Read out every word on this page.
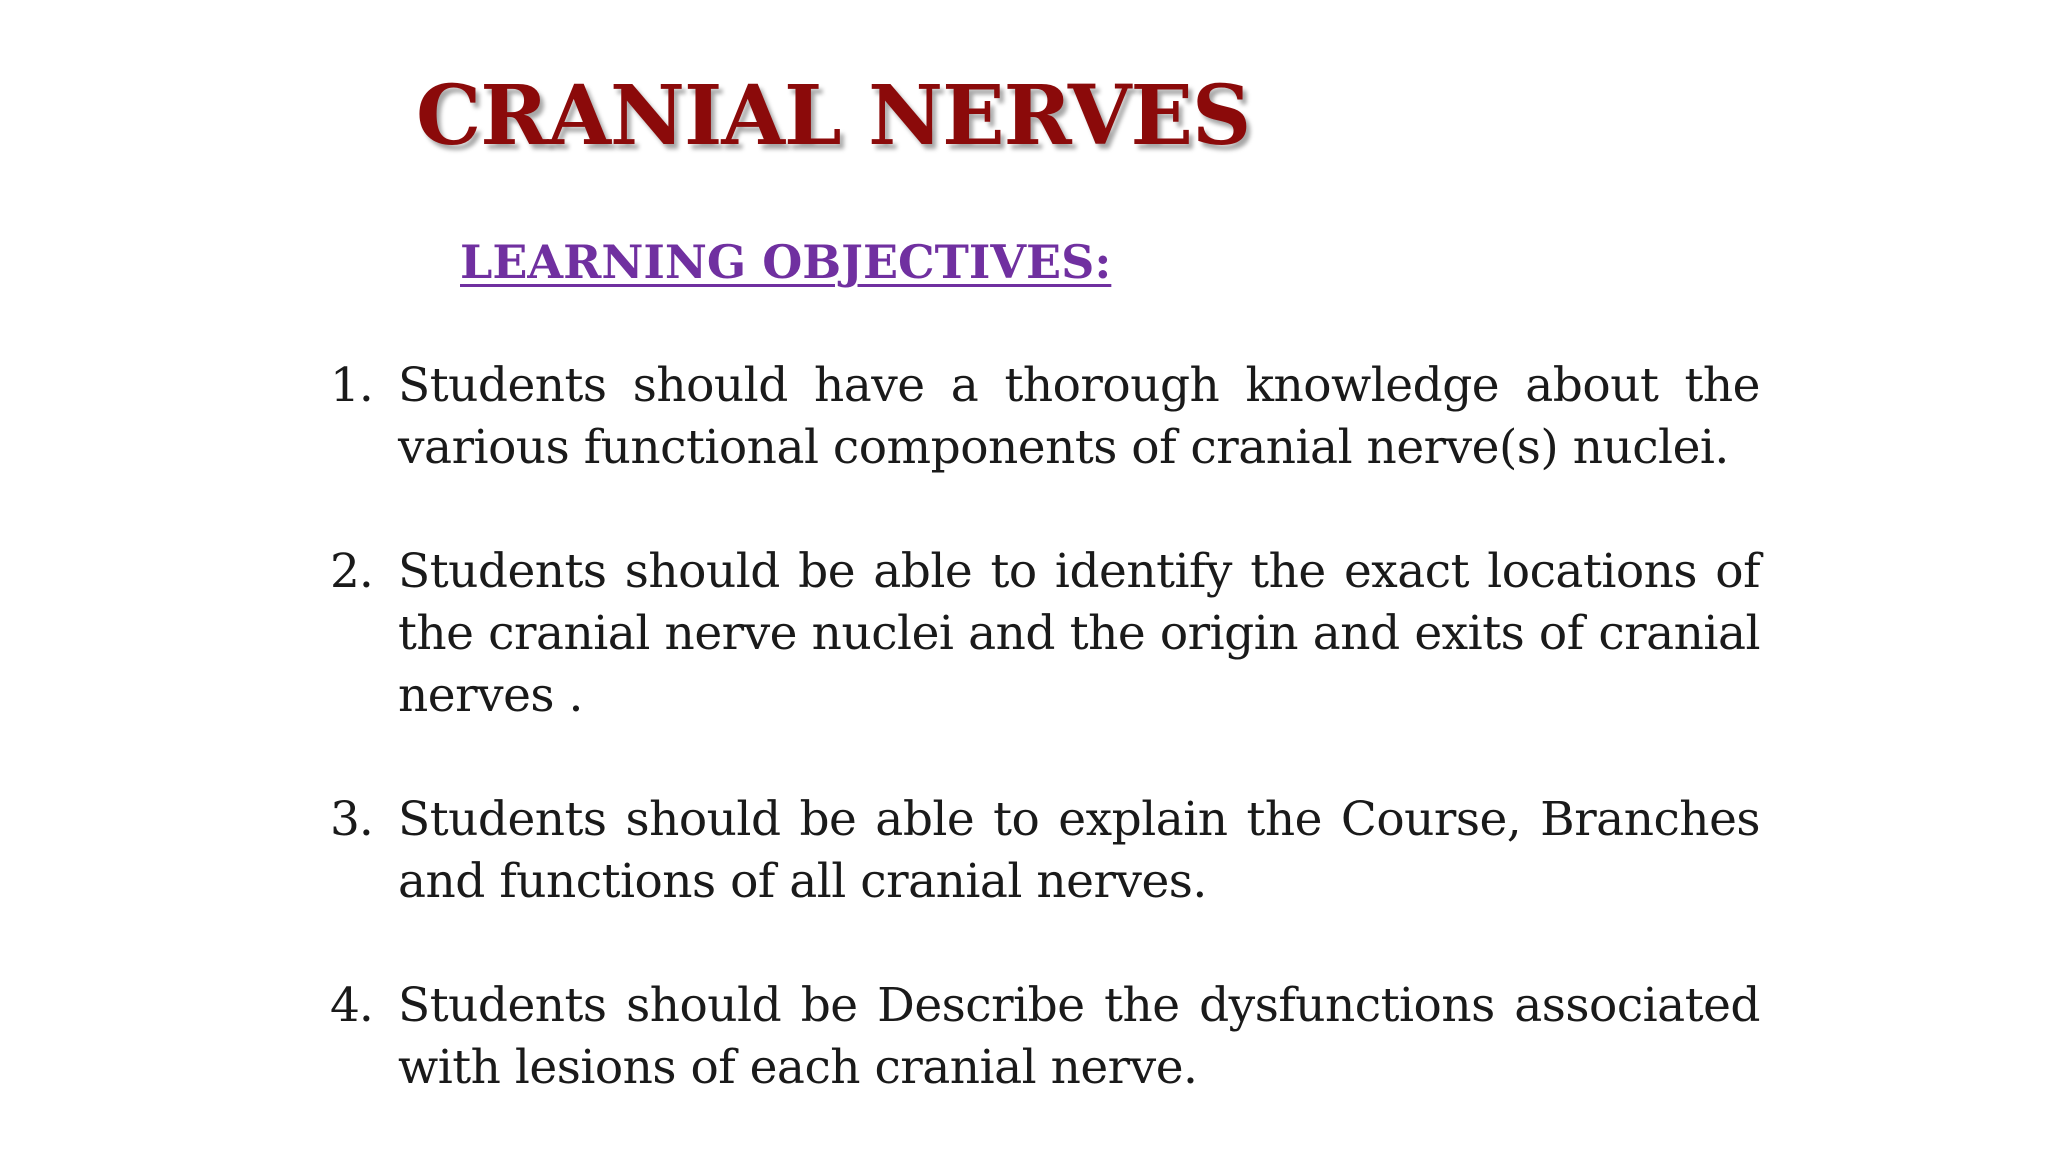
CRANIAL NERVES
LEARNING OBJECTIVES:
1. Students should have a thorough knowledge about the various functional components of cranial nerve(s) nuclei.
2. Students should be able to identify the exact locations of the cranial nerve nuclei and the origin and exits of cranial nerves .
3. Students should be able to explain the Course, Branches and functions of all cranial nerves.
4. Students should be Describe the dysfunctions associated with lesions of each cranial nerve.
